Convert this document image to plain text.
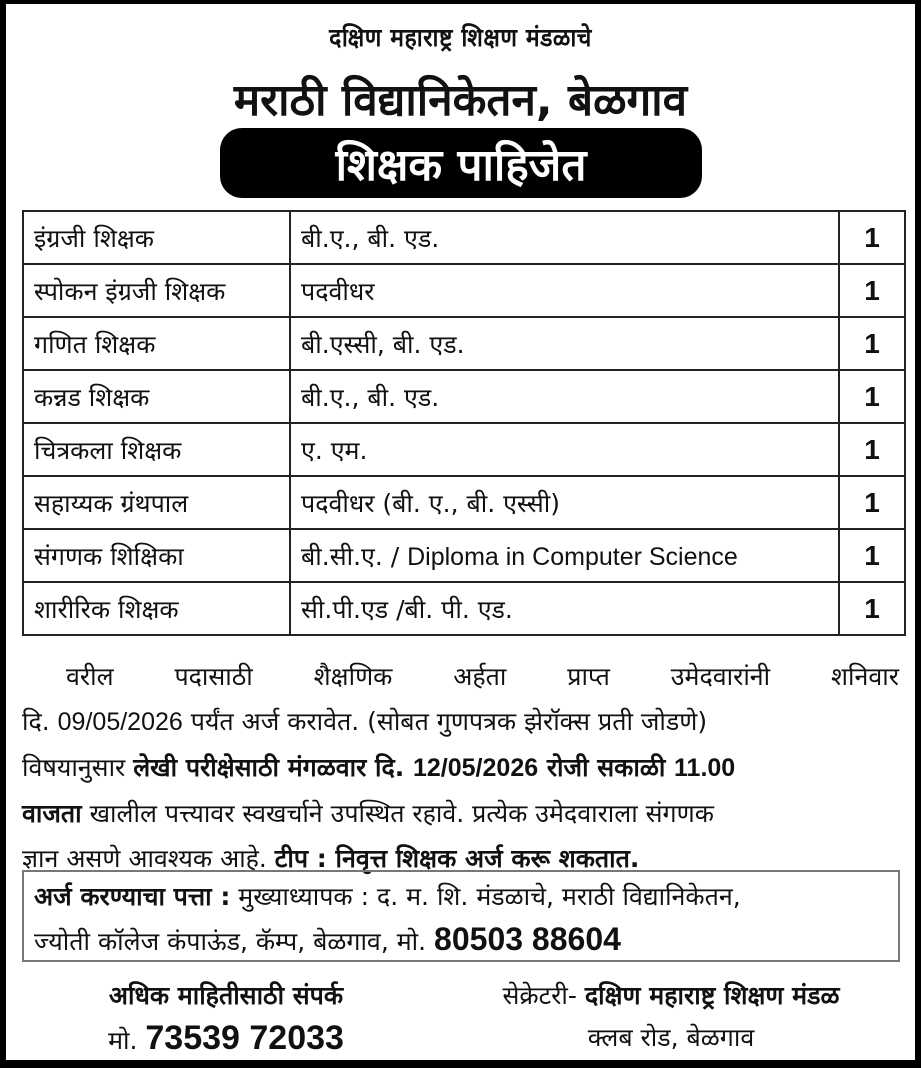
दक्षिण महाराष्ट्र शिक्षण मंडळाचे
मराठी विद्यानिकेतन, बेळगाव
शिक्षक पाहिजेत
इंग्रजी शिक्षक	बी.ए., बी. एड.	1
स्पोकन इंग्रजी शिक्षक	पदवीधर	1
गणित शिक्षक	बी.एस्सी, बी. एड.	1
कन्नड शिक्षक	बी.ए., बी. एड.	1
चित्रकला शिक्षक	ए. एम.	1
सहाय्यक ग्रंथपाल	पदवीधर (बी. ए., बी. एस्सी)	1
संगणक शिक्षिका	बी.सी.ए. / Diploma in Computer Science	1
शारीरिक शिक्षक	सी.पी.एड /बी. पी. एड.	1

वरील पदासाठी शैक्षणिक अर्हता प्राप्त उमेदवारांनी शनिवार

दि. 09/05/2026 पर्यंत अर्ज करावेत. (सोबत गुणपत्रक झेरॉक्स प्रती जोडणे)

विषयानुसार लेखी परीक्षेसाठी मंगळवार दि. 12/05/2026 रोजी सकाळी 11.00

वाजता खालील पत्त्यावर स्वखर्चाने उपस्थित रहावे. प्रत्येक उमेदवाराला संगणक

ज्ञान असणे आवश्यक आहे. टीप : निवृत्त शिक्षक अर्ज करू शकतात.

अर्ज करण्याचा पत्ता : मुख्याध्यापक : द. म. शि. मंडळाचे, मराठी विद्यानिकेतन,
ज्योती कॉलेज कंपाऊंड, कॅम्प, बेळगाव, मो. 80503 88604
अधिक माहितीसाठी संपर्क
मो. 73539 72033
सेक्रेटरी- दक्षिण महाराष्ट्र शिक्षण मंडळ
क्लब रोड, बेळगाव
